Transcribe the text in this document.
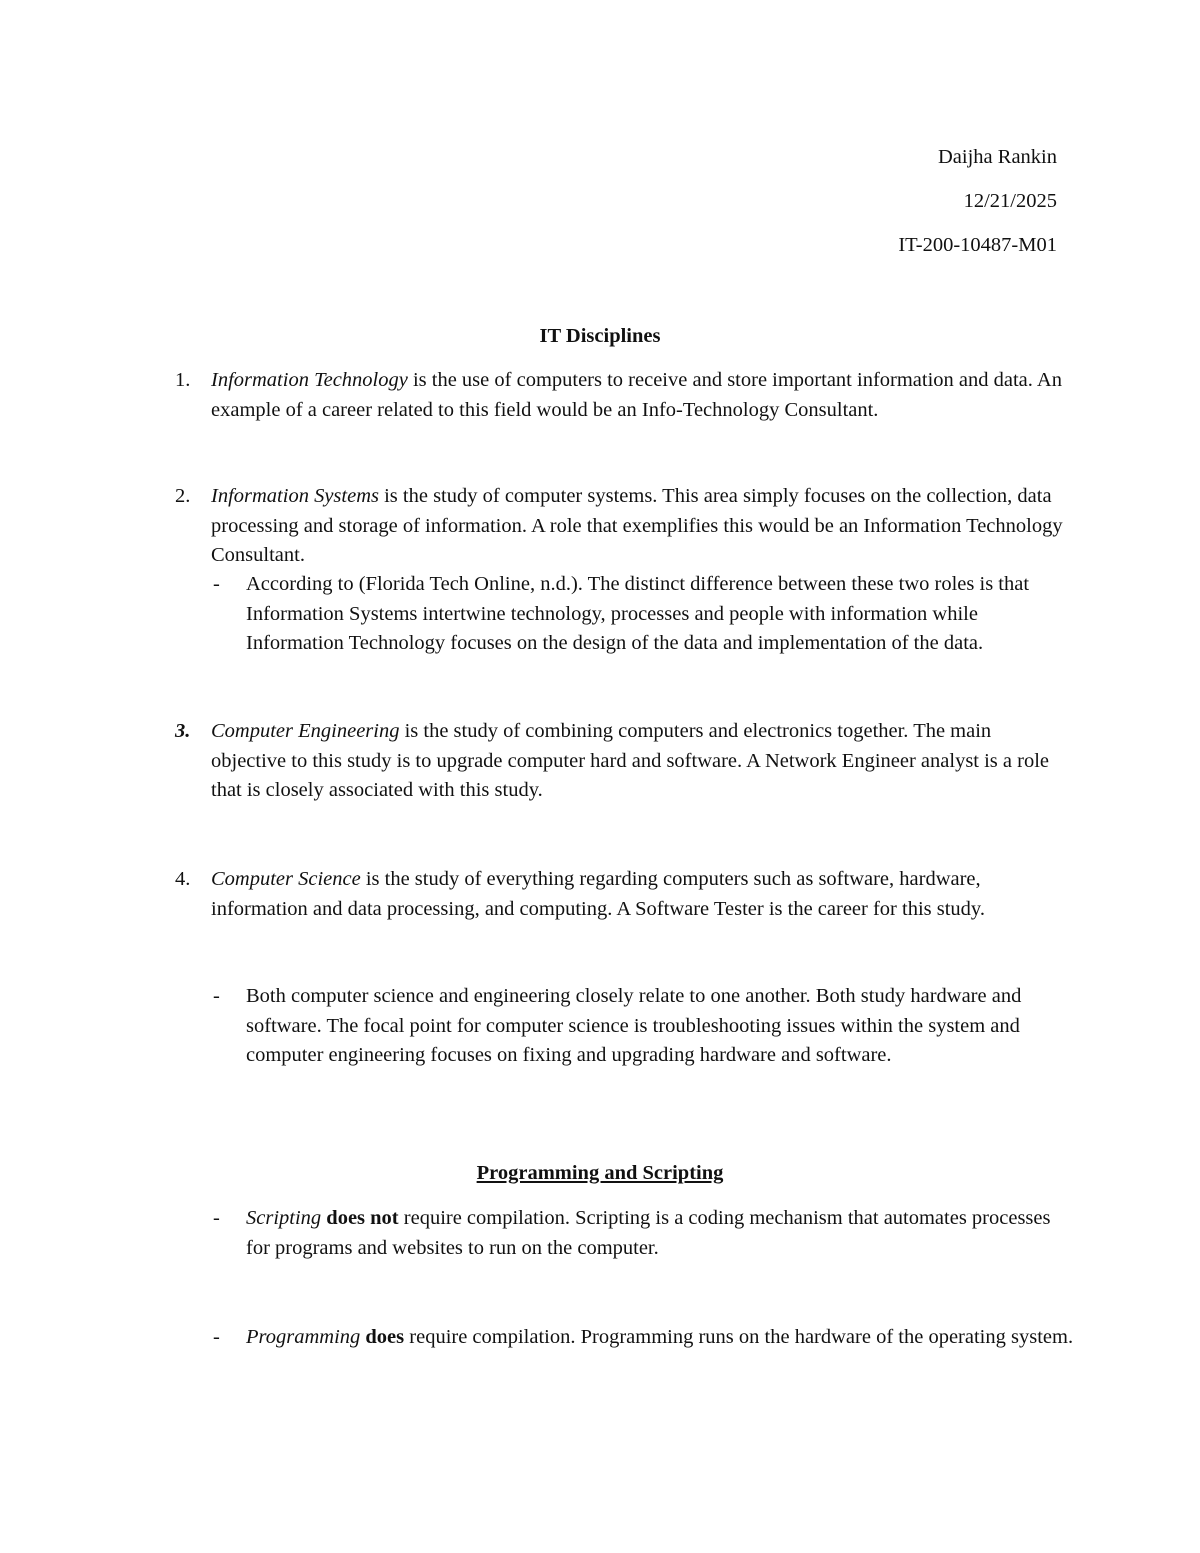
Daijha Rankin
12/21/2025
IT-200-10487-M01
IT Disciplines
1. Information Technology is the use of computers to receive and store important information and data. An example of a career related to this field would be an Info-Technology Consultant.

2. Information Systems is the study of computer systems. This area simply focuses on the collection, data processing and storage of information. A role that exemplifies this would be an Information Technology Consultant.

- According to (Florida Tech Online, n.d.). The distinct difference between these two roles is that Information Systems intertwine technology, processes and people with information while Information Technology focuses on the design of the data and implementation of the data.

3. Computer Engineering is the study of combining computers and electronics together. The main objective to this study is to upgrade computer hard and software. A Network Engineer analyst is a role that is closely associated with this study.

4. Computer Science is the study of everything regarding computers such as software, hardware, information and data processing, and computing. A Software Tester is the career for this study.

- Both computer science and engineering closely relate to one another. Both study hardware and software. The focal point for computer science is troubleshooting issues within the system and computer engineering focuses on fixing and upgrading hardware and software.

Programming and Scripting
- Scripting does not require compilation. Scripting is a coding mechanism that automates processes for programs and websites to run on the computer.

- Programming does require compilation. Programming runs on the hardware of the operating system.
